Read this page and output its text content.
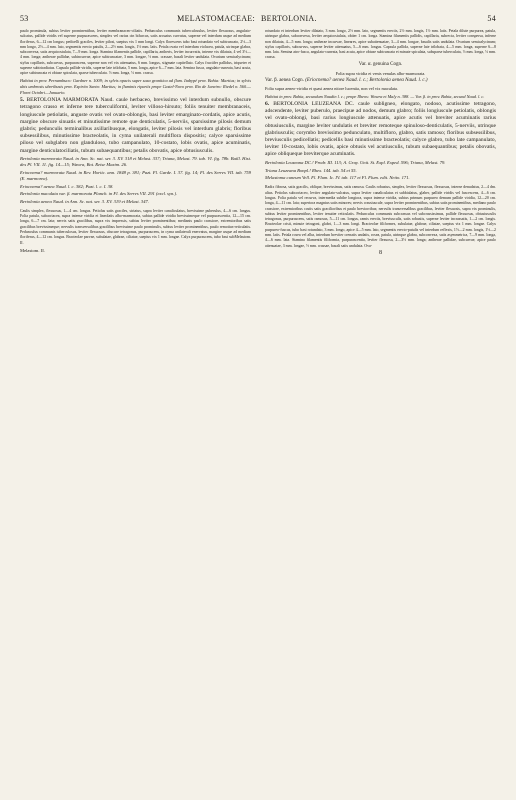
53	MELASTOMACEAE: BERTOLONIA.	54

paulo prominula, subtus leviter prominentibus, leviter membranaceo-ciliatis. Pedunculus communis tuberculosulus, leviter flexuosus, angulato-sulcatus, pallide viridis vel superne purpurascens, simplex vel rarius cin bifurcus, satis arcuatus curvatus, superne vel interdum usque ad medium floriferus, 6—12 cm longus; pedicelli graciles, leviter pilosi, saepius vix 1 mm longi. Calyx florescens tubo basi rotundato vel subtruncato, 2½—3 mm longo, 2½—4 mm. lato, segmentis erecto patulis, 2—2½ mm. longis, 1½ mm. latis. Petala ovata vel interdum violacea, patula, utrinque glabra, subconvexa, satis aequicostulata, 7—9 mm. longa. Stamina filamentis pallide, capillaria, antheris, leviter incurvatis, interne vix dilatata, 4 vel 3½—4 mm. longa; antherae pallidae, subincurvae, apice subtruncatae, 3 mm. longae, ½ mm. crassae, basali leviter undulata. Ovarium semicalycinum; stylus capillaris, subcurvus, purpurascens, superne non vel vix attenuatus, 6 mm. longus, stigmate capitellato. Calyx fructifer pallidus, triqueter et superne subtriradiatus. Capsula pallide viridis, superne late trilobata, 5 mm. longa, apice 6—7 mm. lata. Semina fusca, angulato-cuneata, basi acuta, apice subtruncata et obtuse spiculata, sparse tuberculata. ⅓ mm. longa, ⅓ mm. crassa.

Habitat in prov. Pernambuco: Gardner n. 1009; in sylvis opacis super saxa granitica ad flum. Itabypé prov. Bahia: Martius; in sylvis ubis umbrosis uberibusis prov. Espirito Santo: Martius; in fluminis ripariis prope Castel-Novo prov. Rio de Janeiro: Riedel n. 560.— Floret Octobri—Januario.

5. BERTOLONIA MARMORATA Naud. caule herbaceo, brevissimo vel interdum subnullo, obscure tetragono crasso et inferne tere tuberculiformi, leviter villoso-hirsuto; foliis tenuiter membranaceis, longiuscule petiolatis, anguste ovatis vel ovato-oblongis, basi leviter emarginato-cordatis, apice acutis, margine obscure sinuatis et minutissime remote que denticulatis, 5-nerviis, sparsissime pilosis demum glabris; pedunculis terminalibus axillaribusque, elongatis, leviter pilosis vel interdum glabris; floribus subsessilibus, minutissime bracteolatis, in cyma unilaterali multiflora dispositis; calyce sparsissime piloso vel subglabro non glanduloso, tubo campanulato, 10-costato, lobis ovatis, apice acuminatis, margine denticulatociliatis, tubum subaequantibus; petalis obovatis, apice obtusiusculis.

Bertolonia marmorata Naud. in Ann. Sc. nat. ser. 3. XV. 318 et Melast. 337; Triana, Melast. 79. tab. VI. fig. 78b. Baill. Hist. des Pl. VII. 11. fig. 14—15; Wawra, Bot. Reise Maxim. 26.

Eriocnema? marmorata Naud. in Rev. Hortic. ann. 1848 p. 381; Pazt. Fl. Garde. I. 37. fig. 14; Fl. des Serres VII. tab. 759 (E. marmorea).

Eriocnema? aenea Naud. l. c. 382; Pazt. l. c. I. 38.

Bertolonia maculata var. β. marmorata Planch. in Fl. des Serres VII. 291 (excl. syn.).

Bertolonia aenea Naud. in Ann. Sc. nat. ser. 3. XV. 319 et Melast. 347.

Caulis simplex, flexuosus, 1—4 cm. longus. Petiolus satis graciles, striatus, supra leviter canaliculatus, brevissime puberulus, 4—6 cm. longus. Folia patula, subcoriacea, supra intense viridia et lineolatis albo-marmorata, subtus pallide viridia brevissimeque vel purpurascentia, 12—15 cm. longa, 6—7 cm. lata; nervis satis gracilibus, supra vix impressis, subtus leviter prominentibus; medianis paulo crassiore, extremioribus satis gracilibus brevissimeque; nervulis transversalibus gracilibus brevissime paulo prominulis, subtus leviter prominentibus, paulo remotius-reticulatis. Pedunculus communis tuberculosus, leviter flexuosus, obscure tetragonus, purpurascens, in cyma unilaterali enervatus, margine usque ad medium floriferus, 4—12 cm. longus. Bracteolae parvae, subulatae, glabrae, ciliatae, saepius vix 1 mm. longae. Calyx purpurascens, tubo basi subMelastom. II.

Melastom. II.

rotundato et interdum leviter dilatato, 3 mm. longo, 2½ mm. lato, segmentis erectis, 2½ mm. longis, 1½ mm. latis. Petala dilute purpurea, patula, utrinque glabra, subconvexa, leviter aequicostulata, obiter 1 cm. longa. Stamina filamentis pallidis, capillaria, subrecta, leviter conspersa, inferne non dilatata, 4—5 mm. longa; antherae incurvae, lineares, apice subattenuatae, 3—4 mm. longae, basalis satis undulata. Ovarium semicalycinum; stylus capillaris, subcurvus, superne leviter attenuatus, 5—6 mm. longus. Capsula pallida, superne late trilobata, 4—5 mm. longa, superne 6—8 mm. lata. Semina atro-fusca, angulato-cuneata, basi acuta, apice obtuse subtruncata et minute spiculata, subsparse tuberculata, ⅓ mm. longa, ⅓ mm. crassa.

Var. α. genuina Cogn.

Folia supra viridia et venis venulas albo-marmorata.

Var. β. aenea Cogn. (Eriocnema? aenea Naud. l. c.; Bertolonia aenea Naud. l. c.)

Folia supra aeneo-viridia et quasi aenea nitore lucentia, non vel vix maculata.

Habitat in prov. Bahia, secundum Naudin l. c.; prope Ilheos: Wawra et Maly n. 388. — Var. β. in prov. Bahia, secund Naud. l. c.

6. BERTOLONIA LEUZEANA DC. caule subligneo, elongato, nodoso, acutissime tetragono, adscendente, leviter puberulo, praecipue ad nodos, demum glabro; foliis longiuscule petiolatis, oblongis vel ovato-oblongi, basi rarius longiuscule attenuatis, apice acutis vel breviter acuminatis rarius obtusiusculis, margine leviter undulatis et breviter remoteque spinuloso-denticulatis, 5-nerviis, utrinque glabriusculis; corymbo brevissimo pedunculato, multifloro, glabro, satis ramoso; floribus subsessilibus, breviusculis pedicellatis; pedicellis basi minutissime bracteolatis; calyce glabro, tubo late campanulato, leviter 10-costato, lobis ovatis, apice obtusis vel acutiusculis, tubum subaequantibus; petalis obovatis, apice obliqueque breviterque acuminatis.

Bertolonia Leuzeana DC.! Prodr. III. 113; A. Gray. Unit. St. Expl. Exped. 596; Triana, Melast. 79.

Triana Leuzeana Bonpl.! Rhex. 144. tab. 54 et 55.

Melastoma cuneum Vell. Fl. Flum. Ic. IV. tab. 117 et Fl. Flum. edit. Netto. 171.

Radix fibrosa, satis gracilis, oblique, brevissimus, satis ramosa. Caulis robustus, simplex, leviter flexuosus, flexuosus, interne denudatus, 2—4 dm. altus. Petiolus subcoriaceo, leviter angulato-sulcatus, supra leviter canaliculatus et subbialatus, glaber, pallide viridis vel fuscescens, 4—6 cm. longus. Folia patula vel recurva, intermedia subthe longiora, supra intense viridia, subtus primum purpureo demum pallide viridia, 12—20 cm. longa, 4—11 cm. lata; superiora magnius satis minores; nervis crassiuscule, supra leviter prominentibus, subtus satis prominentibus, mediano paulo crassiore, extremioribus costis satis gracilioribus et paulo breviorribus; nervulis transversalibus gracilibus, leviter flexuosis, supra vix prominulis, subtus leviter prominentibus, leviter tenuiter reticulatis. Pedunculus communis subcrassus vel subcrassissimus, pallide flexuosus, obtusiusculis tetragonus, purpurascens, satis ramosus, 5—11 cm. longus, ramis erectis, breviusculis, satis robustis, superne leviter incrassatis, 1—2 cm. longis. Bracteolae cristi, minute tetragoni, glabri, 1—3 mm. longi. Bracteolae filiformes, subulatae, glabrae, ciliatae, saepius vix 1 mm. longae. Calyx purpureo-fuscus, tubo basi rotundato, 3 mm. longo, apice 4—5 mm. lato, segmentis erecto-patulis vel interdum reflexis, 1½—2 mm. longis, 1½—2 mm. latis. Petala rosea vel alba, interdum breviter crenatis undatis, rosea, patula, utrinque glabra, subconvexa, satis asymmetrica, 7—9 mm. longa, 4—6 mm. lata. Stamina filamentis filiformia, purpurascentia, leviter flexuosa, 2—3½ mm. longa; antherae pallidae, subcurvae, apice paulo attenuatae, 3 mm. longae, ½ mm. crassae, basali satis undulata. Ova-

8
